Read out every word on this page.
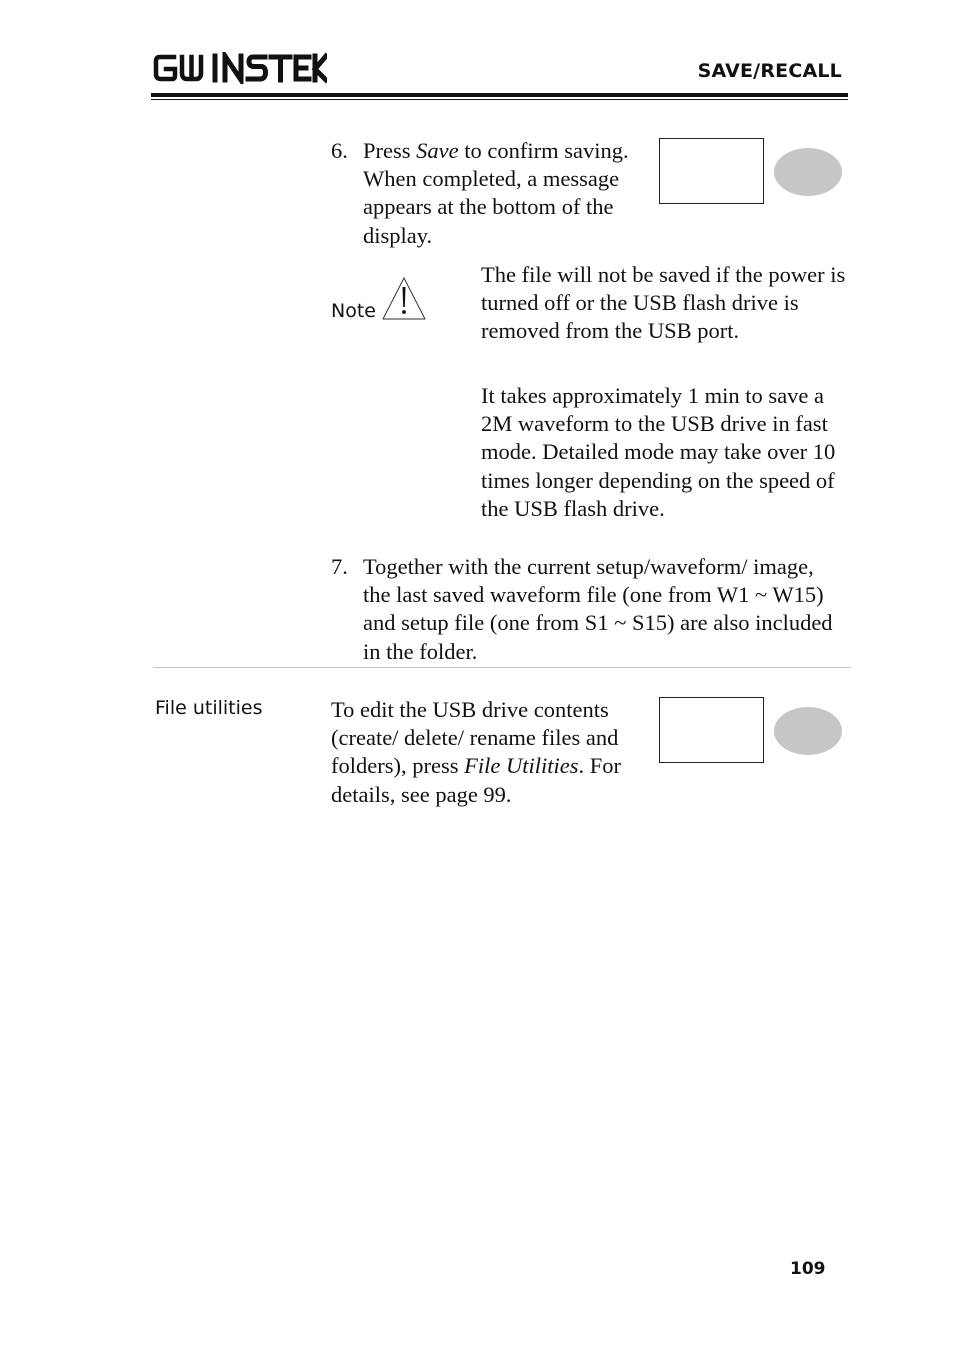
SAVE/RECALL
6. Press Save to confirm saving. When completed, a message appears at the bottom of the display.
Note
The file will not be saved if the power is turned off or the USB flash drive is removed from the USB port.
It takes approximately 1 min to save a 2M waveform to the USB drive in fast mode. Detailed mode may take over 10 times longer depending on the speed of the USB flash drive.
7. Together with the current setup/waveform/ image, the last saved waveform file (one from W1 ~ W15) and setup file (one from S1 ~ S15) are also included in the folder.
File utilities	To edit the USB drive contents (create/ delete/ rename files and folders), press File Utilities. For details, see page 99.
109
